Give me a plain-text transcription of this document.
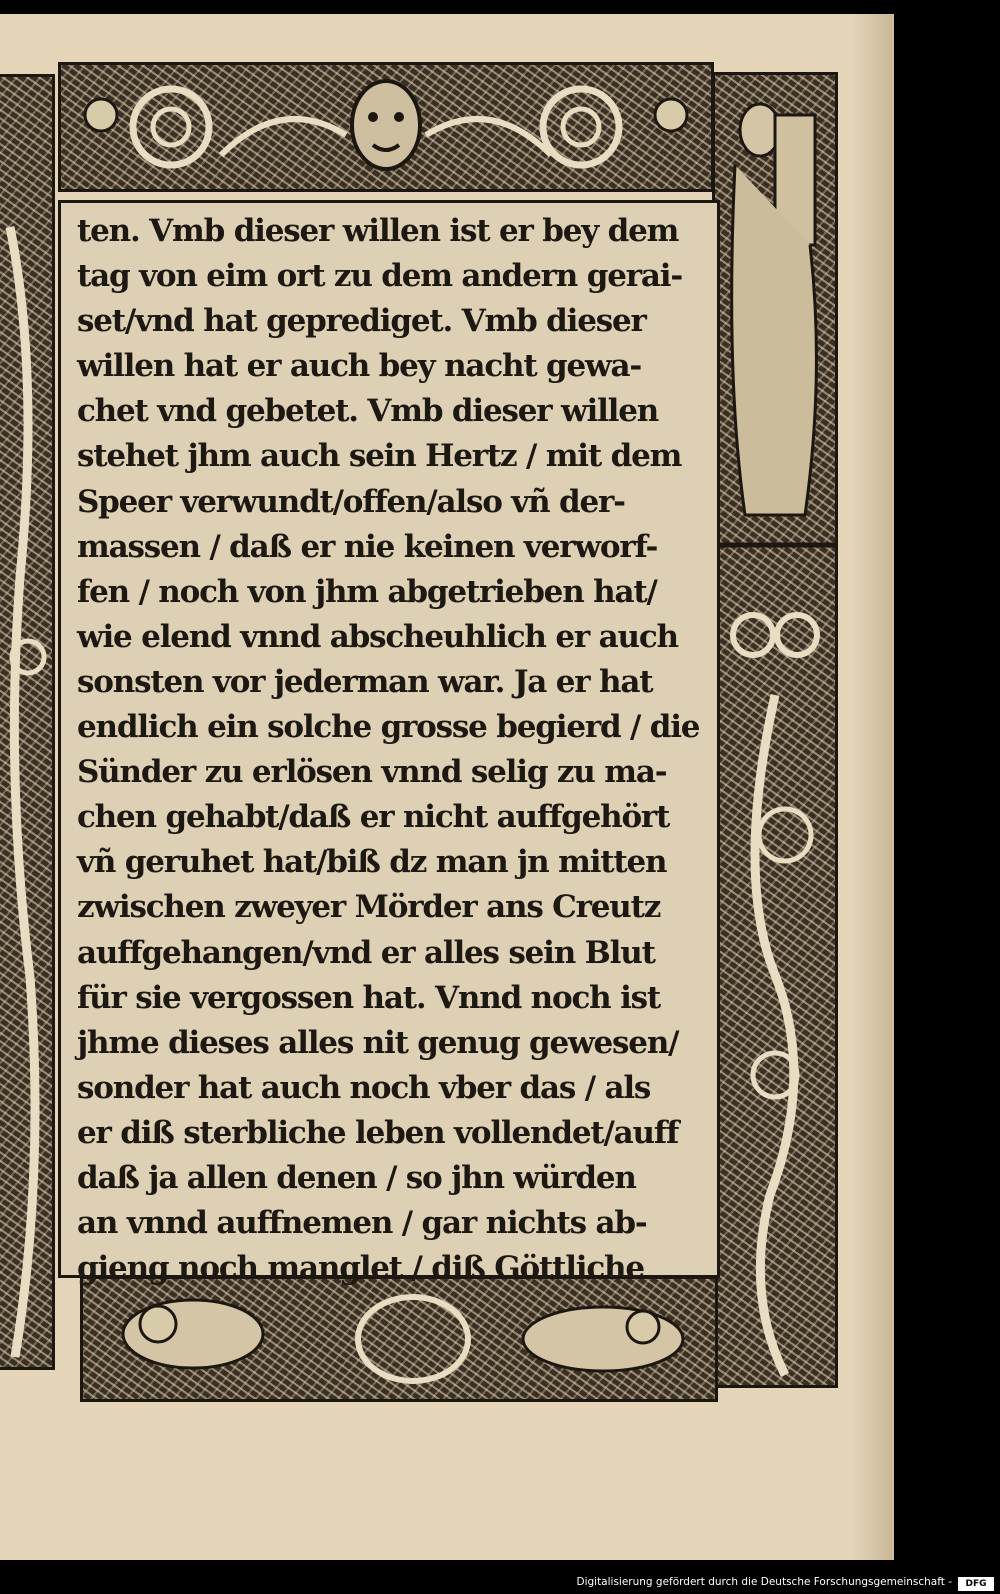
ten. Vmb dieser willen ist er bey dem
tag von eim ort zu dem andern gerai-
set/vnd hat geprediget. Vmb dieser
willen hat er auch bey nacht gewa-
chet vnd gebetet. Vmb dieser willen
stehet jhm auch sein Hertz / mit dem
Speer verwundt/offen/also vñ der-
massen / daß er nie keinen verworf-
fen / noch von jhm abgetrieben hat/
wie elend vnnd abscheuhlich er auch
sonsten vor jederman war. Ja er hat
endlich ein solche grosse begierd / die
Sünder zu erlösen vnnd selig zu ma-
chen gehabt/daß er nicht auffgehört
vñ geruhet hat/biß dz man jn mitten
zwischen zweyer Mörder ans Creutz
auffgehangen/vnd er alles sein Blut
für sie vergossen hat. Vnnd noch ist
jhme dieses alles nit genug gewesen/
sonder hat auch noch vber das / als
er diß sterbliche leben vollendet/auff
daß ja allen denen / so jhn würden
an vnnd auffnemen / gar nichts ab-
gieng noch manglet / diß Göttliche
Digitalisierung gefördert durch die Deutsche Forschungsgemeinschaft -	DFG
